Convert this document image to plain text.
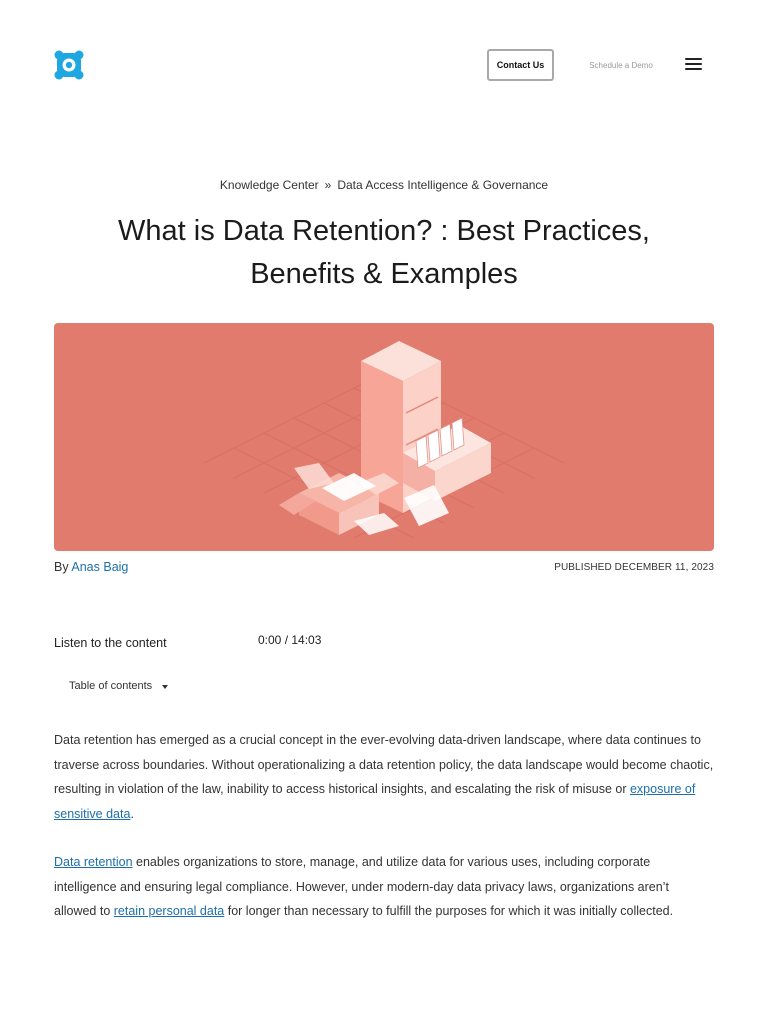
Contact Us	Schedule a Demo
Knowledge Center » Data Access Intelligence & Governance
What is Data Retention? : Best Practices,
Benefits & Examples
By Anas Baig	PUBLISHED DECEMBER 11, 2023
Listen to the content	0:00 / 14:03
Table of contents

Data retention has emerged as a crucial concept in the ever-evolving data-driven landscape, where data continues to traverse across boundaries. Without operationalizing a data retention policy, the data landscape would become chaotic, resulting in violation of the law, inability to access historical insights, and escalating the risk of misuse or exposure of sensitive data.

Data retention enables organizations to store, manage, and utilize data for various uses, including corporate intelligence and ensuring legal compliance. However, under modern-day data privacy laws, organizations aren’t allowed to retain personal data for longer than necessary to fulfill the purposes for which it was initially collected.
